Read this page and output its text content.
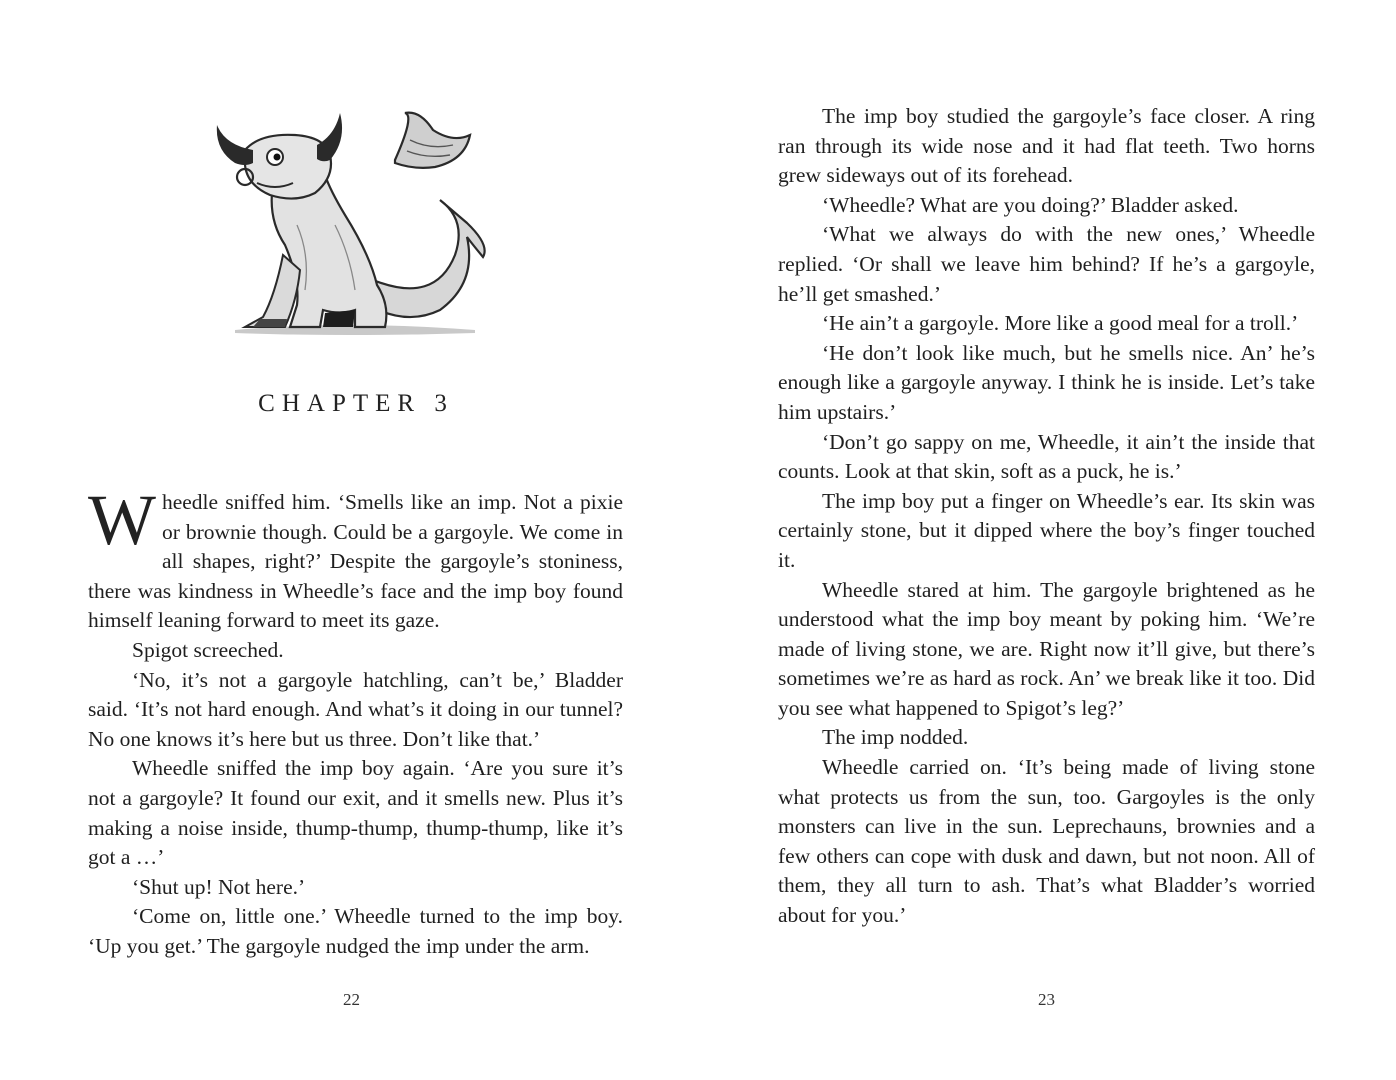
CHAPTER 3

Wheedle sniffed him. ‘Smells like an imp. Not a pixie or brownie though. Could be a gargoyle. We come in all shapes, right?’ Despite the gargoyle’s stoniness, there was kindness in Wheedle’s face and the imp boy found himself leaning forward to meet its gaze.

Spigot screeched.

‘No, it’s not a gargoyle hatchling, can’t be,’ Bladder said. ‘It’s not hard enough. And what’s it doing in our tunnel? No one knows it’s here but us three. Don’t like that.’

Wheedle sniffed the imp boy again. ‘Are you sure it’s not a gargoyle? It found our exit, and it smells new. Plus it’s making a noise inside, thump-thump, thump-thump, like it’s got a …’

‘Shut up! Not here.’

‘Come on, little one.’ Wheedle turned to the imp boy. ‘Up you get.’ The gargoyle nudged the imp under the arm.

22

The imp boy studied the gargoyle’s face closer. A ring ran through its wide nose and it had flat teeth. Two horns grew sideways out of its forehead.

‘Wheedle? What are you doing?’ Bladder asked.

‘What we always do with the new ones,’ Wheedle replied. ‘Or shall we leave him behind? If he’s a gargoyle, he’ll get smashed.’

‘He ain’t a gargoyle. More like a good meal for a troll.’

‘He don’t look like much, but he smells nice. An’ he’s enough like a gargoyle anyway. I think he is inside. Let’s take him upstairs.’

‘Don’t go sappy on me, Wheedle, it ain’t the inside that counts. Look at that skin, soft as a puck, he is.’

The imp boy put a finger on Wheedle’s ear. Its skin was certainly stone, but it dipped where the boy’s finger touched it.

Wheedle stared at him. The gargoyle brightened as he understood what the imp boy meant by poking him. ‘We’re made of living stone, we are. Right now it’ll give, but there’s sometimes we’re as hard as rock. An’ we break like it too. Did you see what happened to Spigot’s leg?’

The imp nodded.

Wheedle carried on. ‘It’s being made of living stone what protects us from the sun, too. Gargoyles is the only monsters can live in the sun. Leprechauns, brownies and a few others can cope with dusk and dawn, but not noon. All of them, they all turn to ash. That’s what Bladder’s worried about for you.’

23
